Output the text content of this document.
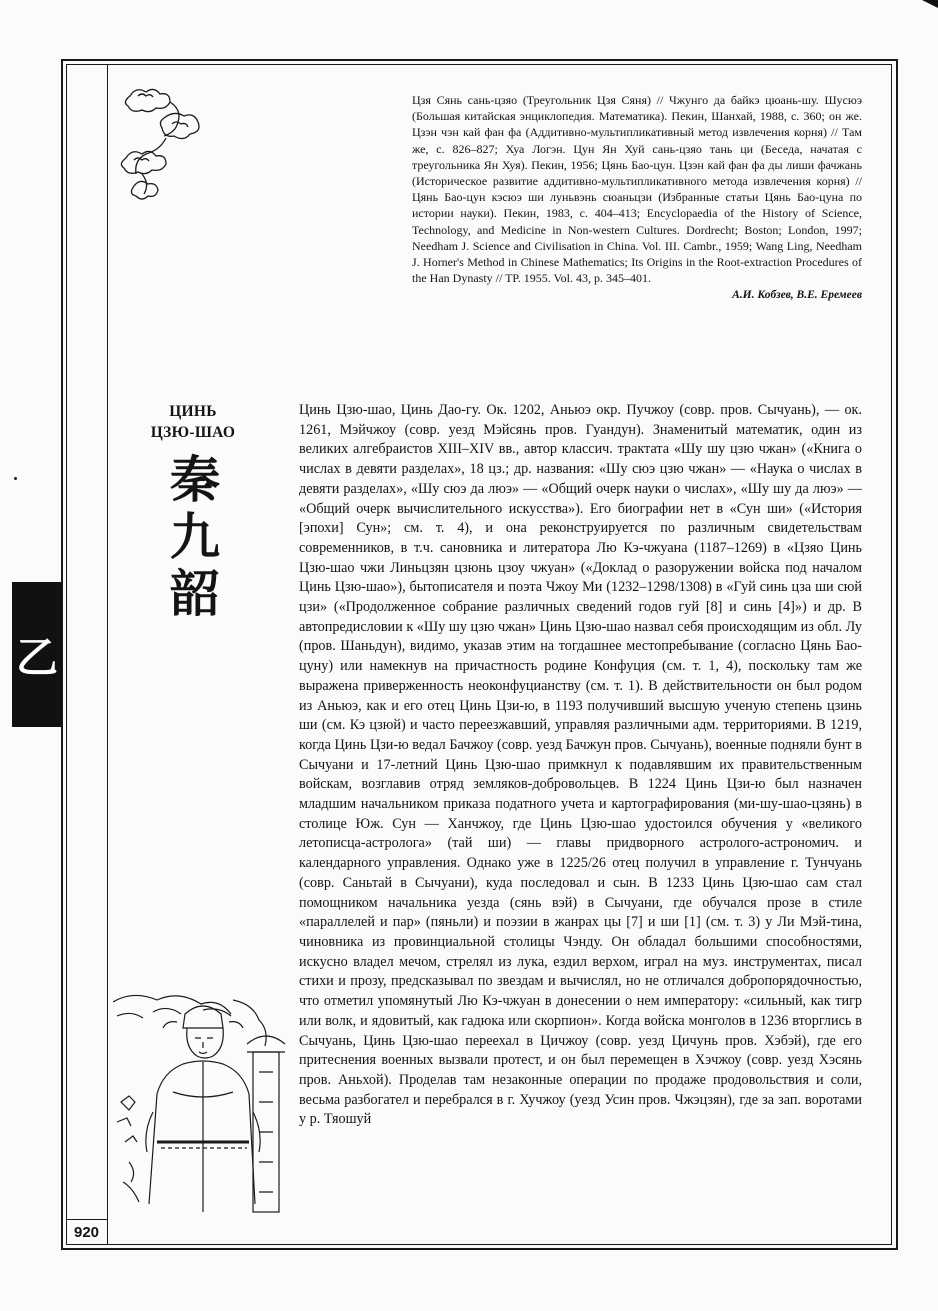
920
乙

Цзя Сянь сань-цзяо (Треугольник Цзя Сяня) // Чжунго да байкэ цюань-шу. Шусюэ (Большая китайская энциклопедия. Математика). Пекин, Шанхай, 1988, с. 360; он же. Цзэн чэн кай фан фа (Аддитивно-мультипликативный метод извлечения корня) // Там же, с. 826–827; Хуа Логэн. Цун Ян Хуй сань-цзяо тань ци (Беседа, начатая с треугольника Ян Хуя). Пекин, 1956; Цянь Бао-цун. Цзэн кай фан фа ды лиши фачжань (Историческое развитие аддитивно-мультипликативного метода извлечения корня) // Цянь Бао-цун кэсюэ ши луньвэнь сюаньцзи (Избранные статьи Цянь Бао-цуна по истории науки). Пекин, 1983, с. 404–413; Encyclopaedia of the History of Science, Technology, and Medicine in Non-western Cultures. Dordrecht; Boston; London, 1997; Needham J. Science and Civilisation in China. Vol. III. Cambr., 1959; Wang Ling, Needham J. Horner's Method in Chinese Mathematics; Its Origins in the Root-extraction Procedures of the Han Dynasty // TP. 1955. Vol. 43, p. 345–401.

А.И. Кобзев, В.Е. Еремеев

ЦИНЬ
ЦЗЮ-ШАО
秦
九
韶

Цинь Цзю-шао, Цинь Дао-гу. Ок. 1202, Аньюэ окр. Пучжоу (совр. пров. Сычуань), — ок. 1261, Мэйчжоу (совр. уезд Мэйсянь пров. Гуандун). Знаменитый математик, один из великих алгебраистов XIII–XIV вв., автор классич. трактата «Шу шу цзю чжан» («Книга о числах в девяти разделах», 18 цз.; др. названия: «Шу сюэ цзю чжан» — «Наука о числах в девяти разделах», «Шу сюэ да люэ» — «Общий очерк науки о числах», «Шу шу да люэ» — «Общий очерк вычислительного искусства»). Его биографии нет в «Сун ши» («История [эпохи] Сун»; см. т. 4), и она реконструируется по различным свидетельствам современников, в т.ч. сановника и литератора Лю Кэ-чжуана (1187–1269) в «Цзяо Цинь Цзю-шао чжи Линьцзян цзюнь цзоу чжуан» («Доклад о разоружении войска под началом Цинь Цзю-шао»), бытописателя и поэта Чжоу Ми (1232–1298/1308) в «Гуй синь цза ши сюй цзи» («Продолженное собрание различных сведений годов гуй [8] и синь [4]») и др. В автопредисловии к «Шу шу цзю чжан» Цинь Цзю-шао назвал себя происходящим из обл. Лу (пров. Шаньдун), видимо, указав этим на тогдашнее местопребывание (согласно Цянь Бао-цуну) или намекнув на причастность родине Конфуция (см. т. 1, 4), поскольку там же выражена приверженность неоконфуцианству (см. т. 1). В действительности он был родом из Аньюэ, как и его отец Цинь Цзи-ю, в 1193 получивший высшую ученую степень цзинь ши (см. Кэ цзюй) и часто переезжавший, управляя различными адм. территориями. В 1219, когда Цинь Цзи-ю ведал Бачжоу (совр. уезд Бачжун пров. Сычуань), военные подняли бунт в Сычуани и 17-летний Цинь Цзю-шао примкнул к подавлявшим их правительственным войскам, возглавив отряд земляков-добровольцев. В 1224 Цинь Цзи-ю был назначен младшим начальником приказа податного учета и картографирования (ми-шу-шао-цзянь) в столице Юж. Сун — Ханчжоу, где Цинь Цзю-шао удостоился обучения у «великого летописца-астролога» (тай ши) — главы придворного астролого-астрономич. и календарного управления. Однако уже в 1225/26 отец получил в управление г. Тунчуань (совр. Саньтай в Сычуани), куда последовал и сын. В 1233 Цинь Цзю-шао сам стал помощником начальника уезда (сянь вэй) в Сычуани, где обучался прозе в стиле «параллелей и пар» (пяньли) и поэзии в жанрах цы [7] и ши [1] (см. т. 3) у Ли Мэй-тина, чиновника из провинциальной столицы Чэнду. Он обладал большими способностями, искусно владел мечом, стрелял из лука, ездил верхом, играл на муз. инструментах, писал стихи и прозу, предсказывал по звездам и вычислял, но не отличался добропорядочностью, что отметил упомянутый Лю Кэ-чжуан в донесении о нем императору: «сильный, как тигр или волк, и ядовитый, как гадюка или скорпион». Когда войска монголов в 1236 вторглись в Сычуань, Цинь Цзю-шао переехал в Цичжоу (совр. уезд Цичунь пров. Хэбэй), где его притеснения военных вызвали протест, и он был перемещен в Хэчжоу (совр. уезд Хэсянь пров. Аньхой). Проделав там незаконные операции по продаже продовольствия и соли, весьма разбогател и перебрался в г. Хучжоу (уезд Усин пров. Чжэцзян), где за зап. воротами у р. Тяошуй
